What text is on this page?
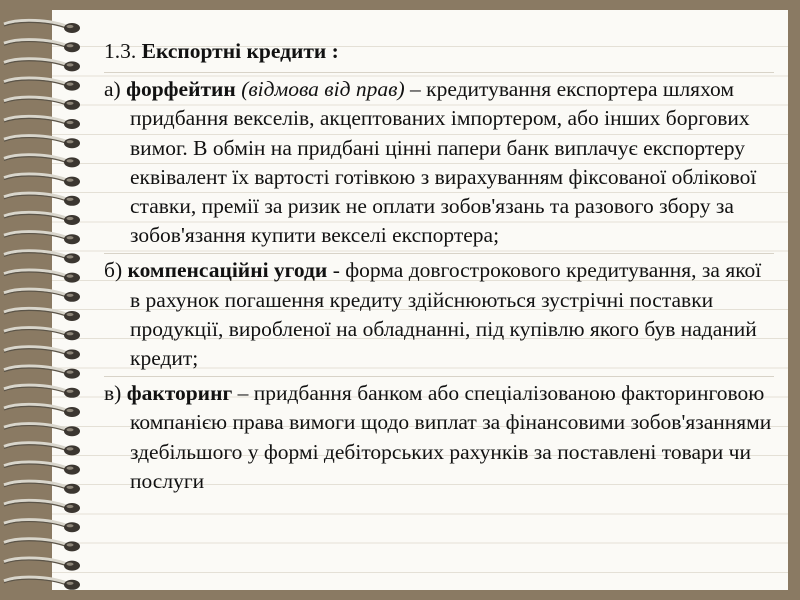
1.3. Експортні кредити :

а) форфейтин (відмова від прав) – кредитування експортера шляхом придбання векселів, акцептованих імпортером, або інших боргових вимог. В обмін на придбані цінні папери банк виплачує експортеру еквівалент їх вартості готівкою з вирахуванням фіксованої облікової ставки, премії за ризик не оплати зобов'язань та разового збору за зобов'язання купити векселі експортера;

б) компенсаційні угоди - форма довгострокового кредитування, за якої в рахунок погашення кредиту здійснюються зустрічні поставки продукції, виробленої на обладнанні, під купівлю якого був наданий кредит;

в) факторинг – придбання банком або спеціалізованою факторинговою компанією права вимоги щодо виплат за фінансовими зобов'язаннями здебільшого у формі дебіторських рахунків за поставлені товари чи послуги
